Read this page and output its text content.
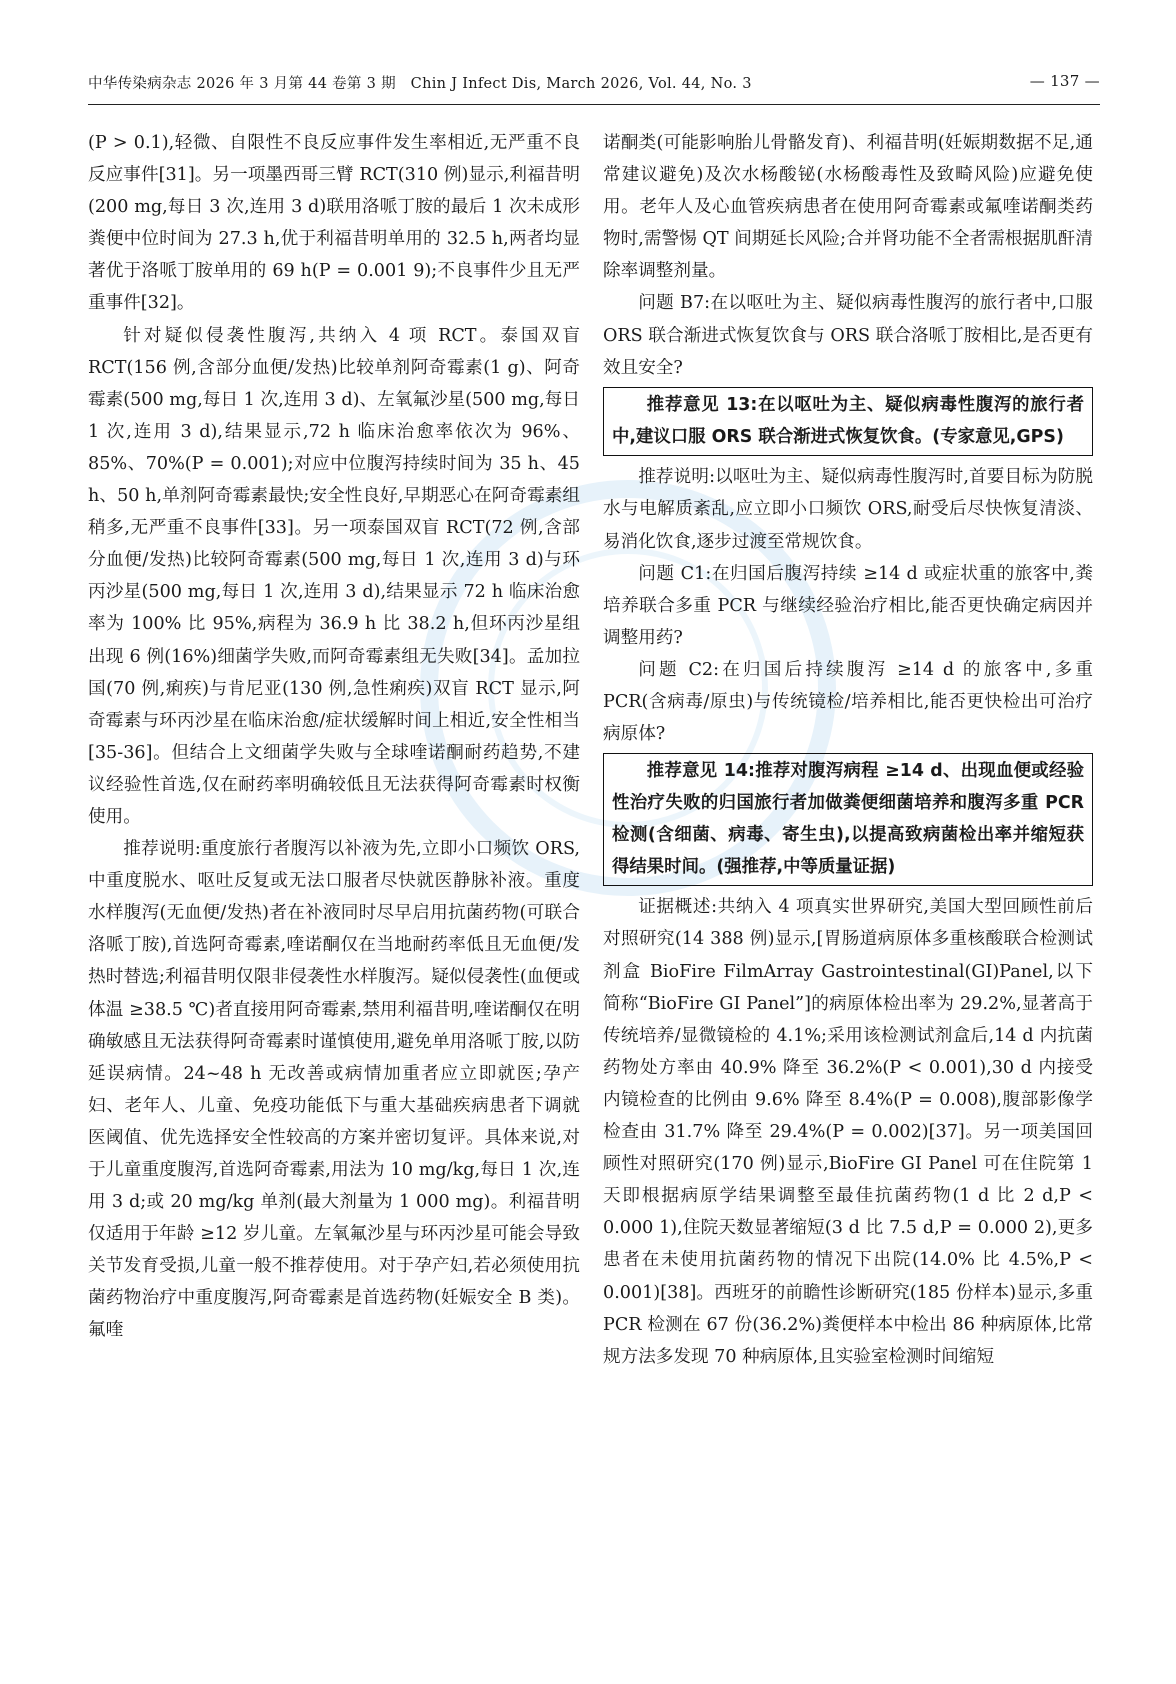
中华传染病杂志 2026 年 3 月第 44 卷第 3 期　Chin J Infect Dis, March 2026, Vol. 44, No. 3	— 137 —

(P > 0.1),轻微、自限性不良反应事件发生率相近,无严重不良反应事件[31]。另一项墨西哥三臂 RCT(310 例)显示,利福昔明(200 mg,每日 3 次,连用 3 d)联用洛哌丁胺的最后 1 次未成形粪便中位时间为 27.3 h,优于利福昔明单用的 32.5 h,两者均显著优于洛哌丁胺单用的 69 h(P = 0.001 9);不良事件少且无严重事件[32]。

针对疑似侵袭性腹泻,共纳入 4 项 RCT。泰国双盲 RCT(156 例,含部分血便/发热)比较单剂阿奇霉素(1 g)、阿奇霉素(500 mg,每日 1 次,连用 3 d)、左氧氟沙星(500 mg,每日 1 次,连用 3 d),结果显示,72 h 临床治愈率依次为 96%、85%、70%(P = 0.001);对应中位腹泻持续时间为 35 h、45 h、50 h,单剂阿奇霉素最快;安全性良好,早期恶心在阿奇霉素组稍多,无严重不良事件[33]。另一项泰国双盲 RCT(72 例,含部分血便/发热)比较阿奇霉素(500 mg,每日 1 次,连用 3 d)与环丙沙星(500 mg,每日 1 次,连用 3 d),结果显示 72 h 临床治愈率为 100% 比 95%,病程为 36.9 h 比 38.2 h,但环丙沙星组出现 6 例(16%)细菌学失败,而阿奇霉素组无失败[34]。孟加拉国(70 例,痢疾)与肯尼亚(130 例,急性痢疾)双盲 RCT 显示,阿奇霉素与环丙沙星在临床治愈/症状缓解时间上相近,安全性相当[35-36]。但结合上文细菌学失败与全球喹诺酮耐药趋势,不建议经验性首选,仅在耐药率明确较低且无法获得阿奇霉素时权衡使用。

推荐说明:重度旅行者腹泻以补液为先,立即小口频饮 ORS,中重度脱水、呕吐反复或无法口服者尽快就医静脉补液。重度水样腹泻(无血便/发热)者在补液同时尽早启用抗菌药物(可联合洛哌丁胺),首选阿奇霉素,喹诺酮仅在当地耐药率低且无血便/发热时替选;利福昔明仅限非侵袭性水样腹泻。疑似侵袭性(血便或体温 ≥38.5 ℃)者直接用阿奇霉素,禁用利福昔明,喹诺酮仅在明确敏感且无法获得阿奇霉素时谨慎使用,避免单用洛哌丁胺,以防延误病情。24~48 h 无改善或病情加重者应立即就医;孕产妇、老年人、儿童、免疫功能低下与重大基础疾病患者下调就医阈值、优先选择安全性较高的方案并密切复评。具体来说,对于儿童重度腹泻,首选阿奇霉素,用法为 10 mg/kg,每日 1 次,连用 3 d;或 20 mg/kg 单剂(最大剂量为 1 000 mg)。利福昔明仅适用于年龄 ≥12 岁儿童。左氧氟沙星与环丙沙星可能会导致关节发育受损,儿童一般不推荐使用。对于孕产妇,若必须使用抗菌药物治疗中重度腹泻,阿奇霉素是首选药物(妊娠安全 B 类)。氟喹

诺酮类(可能影响胎儿骨骼发育)、利福昔明(妊娠期数据不足,通常建议避免)及次水杨酸铋(水杨酸毒性及致畸风险)应避免使用。老年人及心血管疾病患者在使用阿奇霉素或氟喹诺酮类药物时,需警惕 QT 间期延长风险;合并肾功能不全者需根据肌酐清除率调整剂量。

问题 B7:在以呕吐为主、疑似病毒性腹泻的旅行者中,口服 ORS 联合渐进式恢复饮食与 ORS 联合洛哌丁胺相比,是否更有效且安全?

推荐意见 13:在以呕吐为主、疑似病毒性腹泻的旅行者中,建议口服 ORS 联合渐进式恢复饮食。(专家意见,GPS)

推荐说明:以呕吐为主、疑似病毒性腹泻时,首要目标为防脱水与电解质紊乱,应立即小口频饮 ORS,耐受后尽快恢复清淡、易消化饮食,逐步过渡至常规饮食。

问题 C1:在归国后腹泻持续 ≥14 d 或症状重的旅客中,粪培养联合多重 PCR 与继续经验治疗相比,能否更快确定病因并调整用药?

问题 C2:在归国后持续腹泻 ≥14 d 的旅客中,多重 PCR(含病毒/原虫)与传统镜检/培养相比,能否更快检出可治疗病原体?

推荐意见 14:推荐对腹泻病程 ≥14 d、出现血便或经验性治疗失败的归国旅行者加做粪便细菌培养和腹泻多重 PCR 检测(含细菌、病毒、寄生虫),以提高致病菌检出率并缩短获得结果时间。(强推荐,中等质量证据)

证据概述:共纳入 4 项真实世界研究,美国大型回顾性前后对照研究(14 388 例)显示,[胃肠道病原体多重核酸联合检测试剂盒 BioFire FilmArray Gastrointestinal(GI)Panel,以下简称“BioFire GI Panel”]的病原体检出率为 29.2%,显著高于传统培养/显微镜检的 4.1%;采用该检测试剂盒后,14 d 内抗菌药物处方率由 40.9% 降至 36.2%(P < 0.001),30 d 内接受内镜检查的比例由 9.6% 降至 8.4%(P = 0.008),腹部影像学检查由 31.7% 降至 29.4%(P = 0.002)[37]。另一项美国回顾性对照研究(170 例)显示,BioFire GI Panel 可在住院第 1 天即根据病原学结果调整至最佳抗菌药物(1 d 比 2 d,P < 0.000 1),住院天数显著缩短(3 d 比 7.5 d,P = 0.000 2),更多患者在未使用抗菌药物的情况下出院(14.0% 比 4.5%,P < 0.001)[38]。西班牙的前瞻性诊断研究(185 份样本)显示,多重 PCR 检测在 67 份(36.2%)粪便样本中检出 86 种病原体,比常规方法多发现 70 种病原体,且实验室检测时间缩短
